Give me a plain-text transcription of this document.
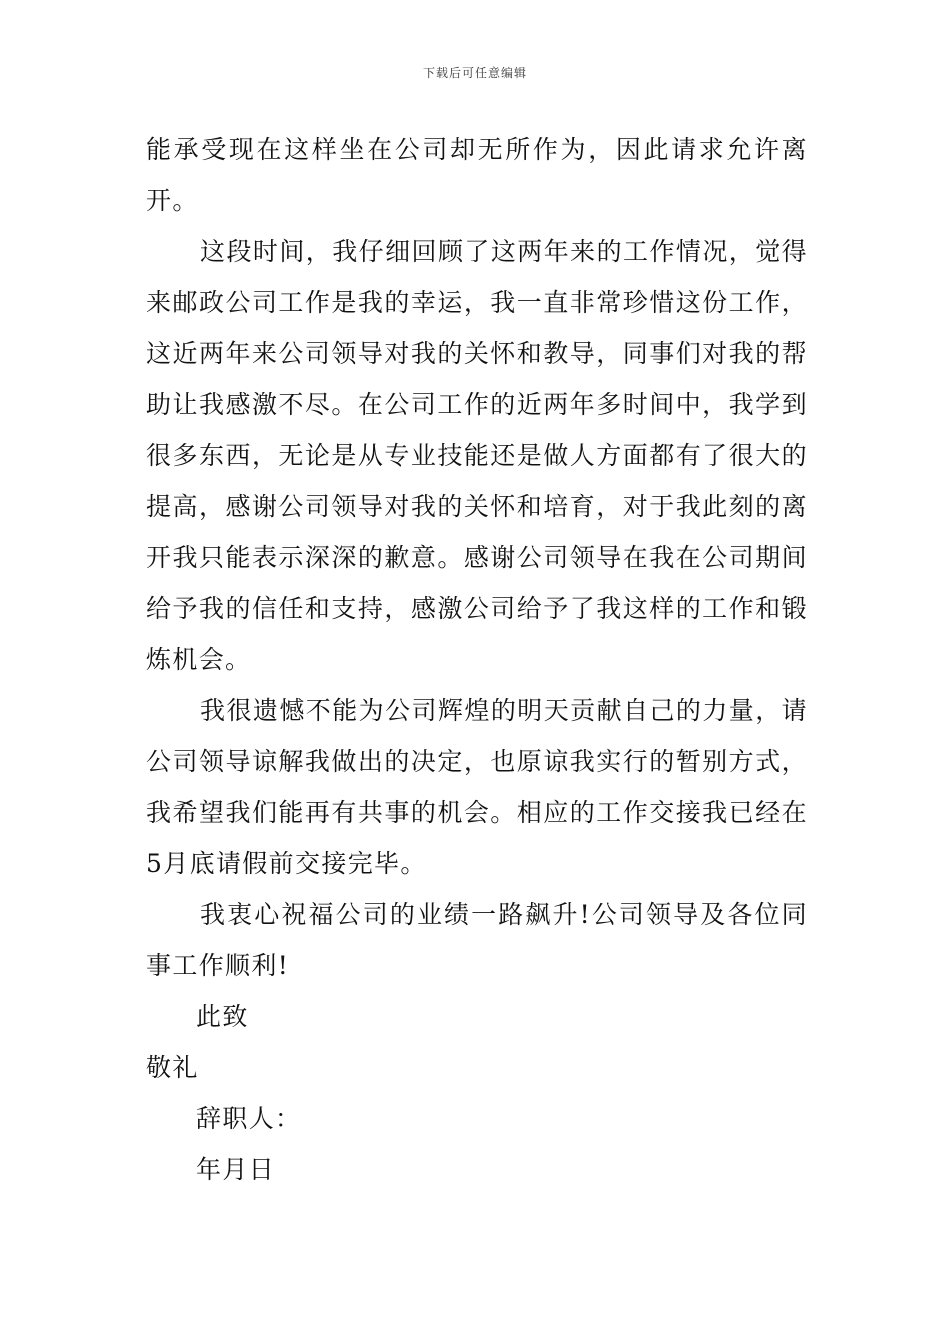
下载后可任意编辑

能承受现在这样坐在公司却无所作为，因此请求允许离开。

这段时间，我仔细回顾了这两年来的工作情况，觉得来邮政公司工作是我的幸运，我一直非常珍惜这份工作，这近两年来公司领导对我的关怀和教导，同事们对我的帮助让我感激不尽。在公司工作的近两年多时间中，我学到很多东西，无论是从专业技能还是做人方面都有了很大的提高，感谢公司领导对我的关怀和培育，对于我此刻的离开我只能表示深深的歉意。感谢公司领导在我在公司期间给予我的信任和支持，感激公司给予了我这样的工作和锻炼机会。

我很遗憾不能为公司辉煌的明天贡献自己的力量，请公司领导谅解我做出的决定，也原谅我实行的暂别方式，我希望我们能再有共事的机会。相应的工作交接我已经在5月底请假前交接完毕。

我衷心祝福公司的业绩一路飙升!公司领导及各位同事工作顺利!

此致

敬礼

辞职人：

年月日
